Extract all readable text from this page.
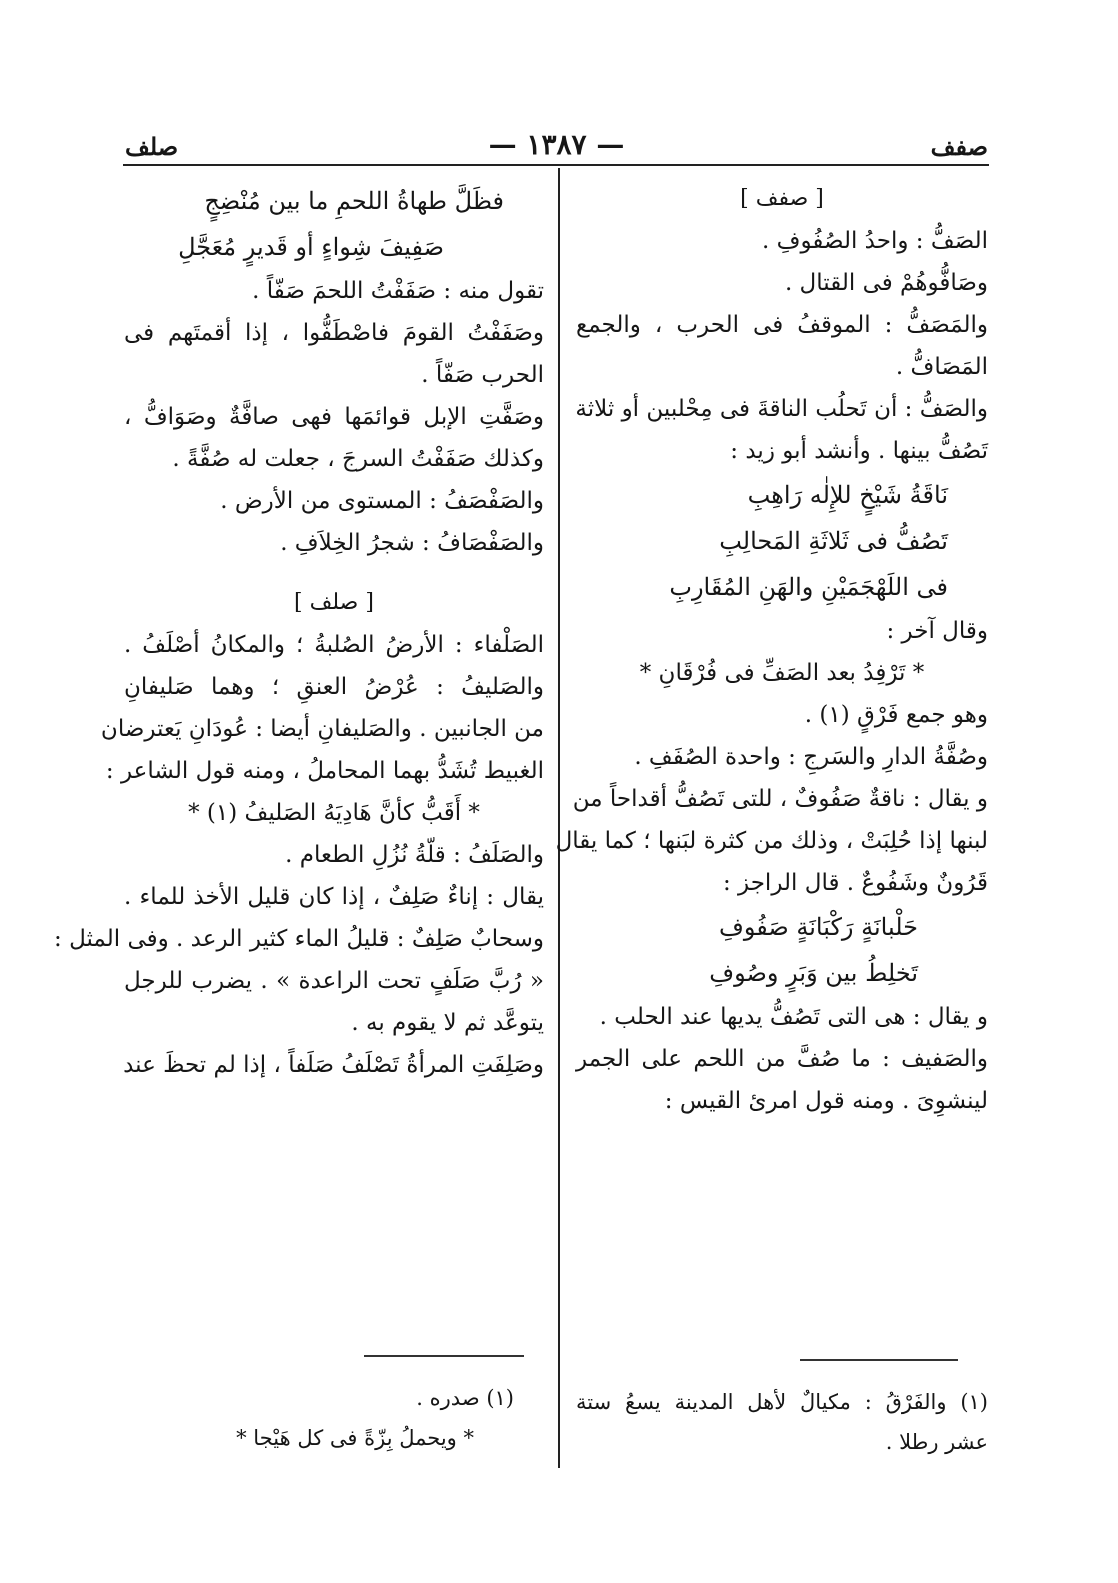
صفف
— ١٣٨٧ —
صلف
[ صفف ]
الصَفُّ : واحدُ الصُفُوفِ .
وصَافُّوهُمْ فى القتال .
والمَصَفُّ : الموقفُ فى الحرب ، والجمع
المَصَافُّ .
والصَفُّ : أن تَحلُب الناقةَ فى مِحْلبين أو ثلاثة
تَصُفُّ بينها . وأنشد أبو زيد :
نَاقَةُ شَيْخٍ للإِلٰه رَاهِبِ
تَصُفُّ فى ثَلاثَةِ المَحالِبِ
فى اللَهْجَمَيْنِ والهَنِ المُقَارِبِ
وقال آخر :
* تَرْفِدُ بعد الصَفِّ فى فُرْقَانِ *
وهو جمع فَرْقٍ (١) .
وصُفَّةُ الدارِ والسَرجِ : واحدة الصُفَفِ .
و يقال : ناقةٌ صَفُوفٌ ، للتى تَصُفُّ أقداحاً من
لبنها إذا حُلِبَتْ ، وذلك من كثرة لبَنها ؛ كما يقال
قَرُونٌ وشَفُوعٌ . قال الراجز :
حَلْبانَةٍ رَكْبَانَةٍ صَفُوفِ
تَخلِطُ بين وَبَرٍ وصُوفِ
و يقال : هى التى تَصُفُّ يديها عند الحلب .
والصَفيف : ما صُفَّ من اللحم على الجمر
لينشوِىَ . ومنه قول امرئ القيس :
فظَلَّ طهاةُ اللحمِ ما بين مُنْضِجٍ
صَفِيفَ شِواءٍ أو قَديرٍ مُعَجَّلِ
تقول منه : صَفَفْتُ اللحمَ صَفّاً .
وصَفَفْتُ القومَ فاصْطَفُّوا ، إذا أقمتَهم فى
الحرب صَفّاً .
وصَفَّتِ الإبل قوائمَها فهى صافَّةٌ وصَوَافُّ ،
وكذلك صَفَفْتُ السرجَ ، جعلت له صُفَّةً .
والصَفْصَفُ : المستوى من الأرض .
والصَفْصَافُ : شجرُ الخِلاَفِ .
[ صلف ]
الصَلْفاء : الأرضُ الصُلبةُ ؛ والمكانُ أصْلَفُ .
والصَليفُ : عُرْضُ العنقِ ؛ وهما صَليفانِ
من الجانبين . والصَليفانِ أيضا : عُودَانِ يَعترضان
الغبيط تُشَدُّ بهما المحاملُ ، ومنه قول الشاعر :
* أَقَبُّ كأنَّ هَادِيَهُ الصَليفُ (١) *
والصَلَفُ : قلّةُ نُزُلِ الطعام .
يقال : إناءٌ صَلِفٌ ، إذا كان قليل الأخذ للماء .
وسحابٌ صَلِفٌ : قليلُ الماء كثير الرعد . وفى المثل :
« رُبَّ صَلَفٍ تحت الراعدة » . يضرب للرجل
يتوعَّد ثم لا يقوم به .
وصَلِفَتِ المرأةُ تَصْلَفُ صَلَفاً ، إذا لم تحظَ عند
(١) والفَرْقُ : مكيالٌ لأهل المدينة يسعُ ستة
عشر رطلا .
(١) صدره .
* ويحملُ بِزّةً فى كل هَيْجا *
